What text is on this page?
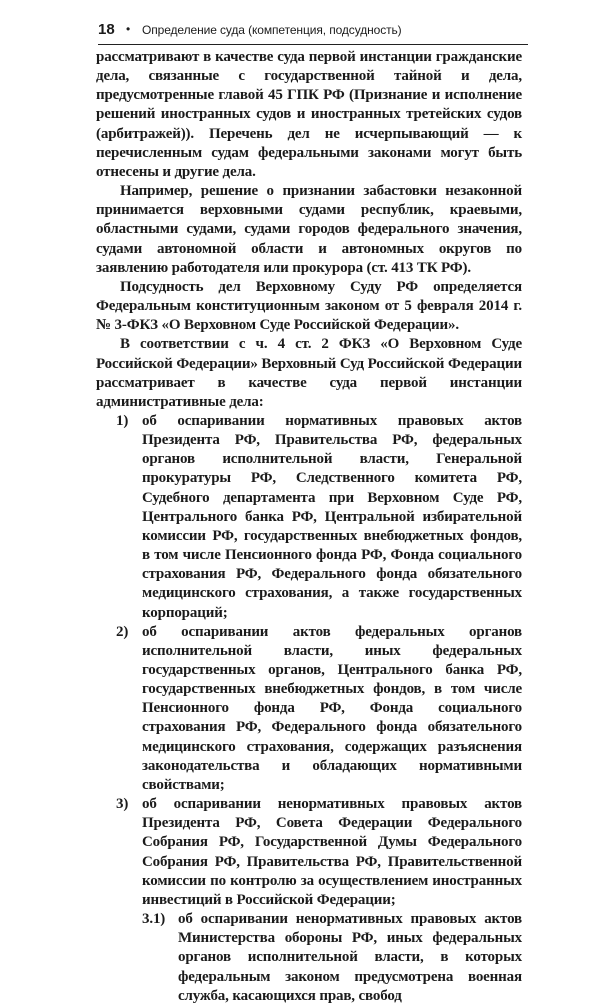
18 • Определение суда (компетенция, подсудность)

рассматривают в качестве суда первой инстанции гражданские дела, связанные с государственной тайной и дела, предусмотренные главой 45 ГПК РФ (Признание и исполнение решений иностранных судов и иностранных третейских судов (арбитражей)). Перечень дел не исчерпывающий — к перечисленным судам федеральными законами могут быть отнесены и другие дела.

Например, решение о признании забастовки незаконной принимается верховными судами республик, краевыми, областными судами, судами городов федерального значения, судами автономной области и автономных округов по заявлению работодателя или прокурора (ст. 413 ТК РФ).

Подсудность дел Верховному Суду РФ определяется Федеральным конституционным законом от 5 февраля 2014 г. № 3-ФКЗ «О Верховном Суде Российской Федерации».

В соответствии с ч. 4 ст. 2 ФКЗ «О Верховном Суде Российской Федерации» Верховный Суд Российской Федерации рассматривает в качестве суда первой инстанции административные дела:

1) об оспаривании нормативных правовых актов Президента РФ, Правительства РФ, федеральных органов исполнительной власти, Генеральной прокуратуры РФ, Следственного комитета РФ, Судебного департамента при Верховном Суде РФ, Центрального банка РФ, Центральной избирательной комиссии РФ, государственных внебюджетных фондов, в том числе Пенсионного фонда РФ, Фонда социального страхования РФ, Федерального фонда обязательного медицинского страхования, а также государственных корпораций;
2) об оспаривании актов федеральных органов исполнительной власти, иных федеральных государственных органов, Центрального банка РФ, государственных внебюджетных фондов, в том числе Пенсионного фонда РФ, Фонда социального страхования РФ, Федерального фонда обязательного медицинского страхования, содержащих разъяснения законодательства и обладающих нормативными свойствами;
3) об оспаривании ненормативных правовых актов Президента РФ, Совета Федерации Федерального Собрания РФ, Государственной Думы Федерального Собрания РФ, Правительства РФ, Правительственной комиссии по контролю за осуществлением иностранных инвестиций в Российской Федерации;
3.1) об оспаривании ненормативных правовых актов Министерства обороны РФ, иных федеральных органов исполнительной власти, в которых федеральным законом предусмотрена военная служба, касающихся прав, свобод
